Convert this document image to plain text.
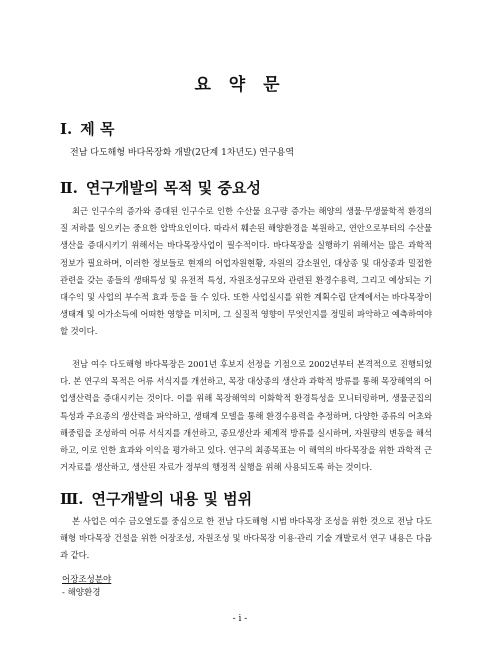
요 약 문
Ⅰ. 제 목
전남 다도해형 바다목장화 개발(2단계 1차년도) 연구용역
Ⅱ. 연구개발의 목적 및 중요성

최근 인구수의 증가와 증대된 인구수로 인한 수산물 요구량 증가는 해양의 생물·무생물학적 환경의 질 저하를 일으키는 중요한 압박요인이다. 따라서 훼손된 해양환경을 복원하고, 연안으로부터의 수산물 생산을 증대시키기 위해서는 바다목장사업이 필수적이다. 바다목장을 실행하기 위해서는 많은 과학적 정보가 필요하며, 이러한 정보들로 현재의 어업자원현황, 자원의 감소원인, 대상종 및 대상종과 밀접한 관련을 갖는 종들의 생태특성 및 유전적 특성, 자원조성규모와 관련된 환경수용력, 그리고 예상되는 기대수익 및 사업의 부수적 효과 등을 들 수 있다. 또한 사업실시를 위한 계획수립 단계에서는 바다목장이 생태계 및 어가소득에 어떠한 영향을 미치며, 그 실질적 영향이 무엇인지를 정밀히 파악하고 예측하여야 할 것이다.

전남 여수 다도해형 바다목장은 2001년 후보지 선정을 기점으로 2002년부터 본격적으로 진행되었다. 본 연구의 목적은 어류 서식지를 개선하고, 목장 대상종의 생산과 과학적 방류를 통해 목장해역의 어업생산력을 증대시키는 것이다. 이를 위해 목장해역의 이화학적 환경특성을 모니터링하며, 생물군집의 특성과 주요종의 생산력을 파악하고, 생태계 모델을 통해 환경수용력을 추정하며, 다양한 종류의 어초와 해중림을 조성하여 어류 서식지를 개선하고, 종묘생산과 체계적 방류를 실시하며, 자원량의 변동을 해석하고, 이로 인한 효과와 이익을 평가하고 있다. 연구의 최종목표는 이 해역의 바다목장을 위한 과학적 근거자료를 생산하고, 생산된 자료가 정부의 행정적 실행을 위해 사용되도록 하는 것이다.

Ⅲ. 연구개발의 내용 및 범위

본 사업은 여수 금오열도를 중심으로 한 전남 다도해형 시범 바다목장 조성을 위한 것으로 전남 다도해형 바다목장 건설을 위한 어장조성, 자원조성 및 바다목장 이용·관리 기술 개발로서 연구 내용은 다음과 같다.

어장조성분야
- 해양환경
- i -
